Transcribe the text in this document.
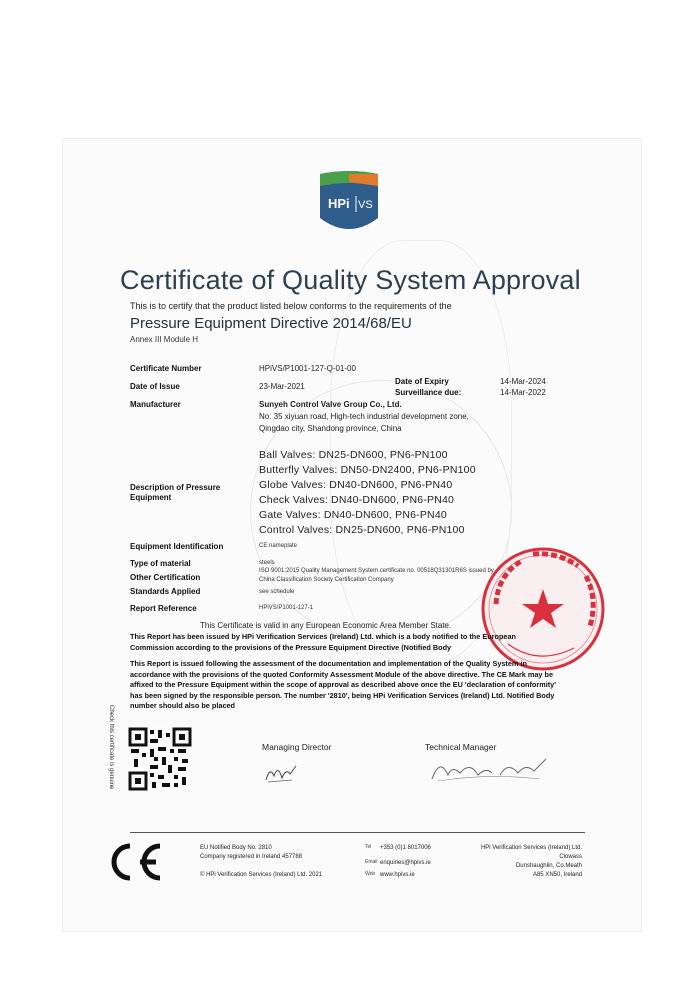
HPi VS
Certificate of Quality System Approval
This is to certify that the product listed below conforms to the requirements of the
Pressure Equipment Directive 2014/68/EU
Annex III Module H
Certificate Number	HPiVS/P1001-127-Q-01-00
Date of Issue	23-Mar-2021
Date of Expiry	14-Mar-2024
Surveillance due:	14-Mar-2022
Manufacturer	Sunyeh Control Valve Group Co., Ltd.
No. 35 xiyuan road, High-tech industrial development zone,
Qingdao city, Shandong province, China
Description of Pressure
Equipment
Ball Valves: DN25-DN600, PN6-PN100
Butterfly Valves: DN50-DN2400, PN6-PN100
Globe Valves: DN40-DN600, PN6-PN40
Check Valves: DN40-DN600, PN6-PN40
Gate Valves: DN40-DN600, PN6-PN40
Control Valves: DN25-DN600, PN6-PN100
Equipment Identification	CE nameplate
Type of material	steels
Other Certification
ISO 9001:2015 Quality Management System certificate no. 00518Q31301R6S issued by
China Classification Society Certification Company
Standards Applied	see schedule
Report Reference	HPiVS/P1001-127-1
This Certificate is valid in any European Economic Area Member State.
This Report has been issued by HPi Verification Services (Ireland) Ltd. which is a body notified to the European Commission according to the provisions of the Pressure Equipment Directive (Notified Body
This Report is issued following the assessment of the documentation and implementation of the Quality System in accordance with the provisions of the quoted Conformity Assessment Module of the above directive. The CE Mark may be affixed to the Pressure Equipment within the scope of approval as described above once the EU 'declaration of conformity' has been signed by the responsible person. The number '2810', being HPi Verification Services (Ireland) Ltd. Notified Body number should also be placed
Check this certificate is genuine	Managing Director	Technical Manager
EU Notified Body No. 2810
Company registered in Ireland 457788
© HPi Verification Services (Ireland) Ltd. 2021
Tel +353 (0)1 8017006
Email enquiries@hpivs.ie
Web www.hpivs.ie
HPi Verification Services (Ireland) Ltd.
Clowass
Dunshaughlin, Co.Meath
A85 XN50, Ireland
